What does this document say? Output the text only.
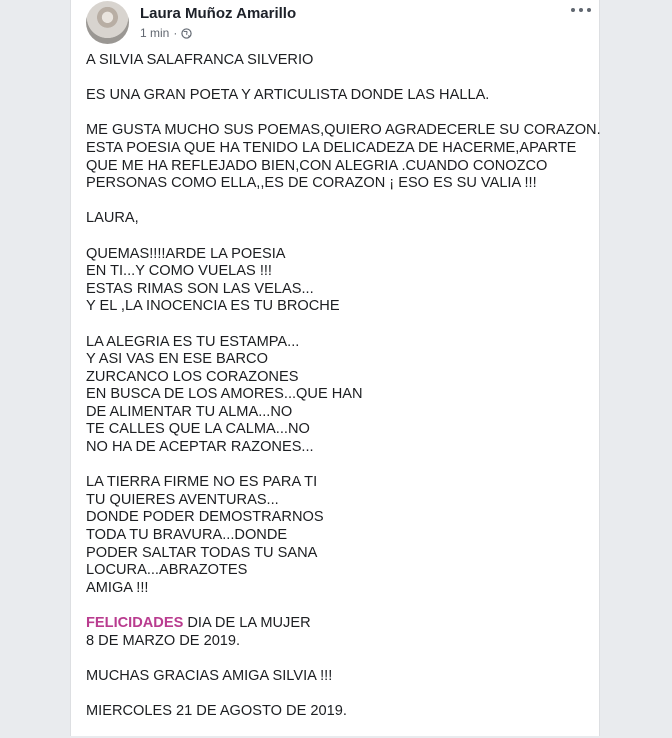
Laura Muñoz Amarillo
1 min ·
A SILVIA SALAFRANCA SILVERIO
ES UNA GRAN POETA Y ARTICULISTA DONDE LAS HALLA.
ME GUSTA MUCHO SUS POEMAS,QUIERO AGRADECERLE SU CORAZON.
ESTA POESIA QUE HA TENIDO LA DELICADEZA DE HACERME,APARTE
QUE ME HA REFLEJADO BIEN,CON ALEGRIA .CUANDO CONOZCO
PERSONAS COMO ELLA,,ES DE CORAZON ¡ ESO ES SU VALIA !!!
LAURA,
QUEMAS!!!!ARDE LA POESIA
EN TI...Y COMO VUELAS !!!
ESTAS RIMAS SON LAS VELAS...
Y EL ,LA INOCENCIA ES TU BROCHE
LA ALEGRIA ES TU ESTAMPA...
Y ASI VAS EN ESE BARCO
ZURCANCO LOS CORAZONES
EN BUSCA DE LOS AMORES...QUE HAN
DE ALIMENTAR TU ALMA...NO
TE CALLES QUE LA CALMA...NO
NO HA DE ACEPTAR RAZONES...
LA TIERRA FIRME NO ES PARA TI
TU QUIERES AVENTURAS...
DONDE PODER DEMOSTRARNOS
TODA TU BRAVURA...DONDE
PODER SALTAR TODAS TU SANA
LOCURA...ABRAZOTES
AMIGA !!!
FELICIDADES DIA DE LA MUJER
8 DE MARZO DE 2019.
MUCHAS GRACIAS AMIGA SILVIA !!!
MIERCOLES 21 DE AGOSTO DE 2019.
